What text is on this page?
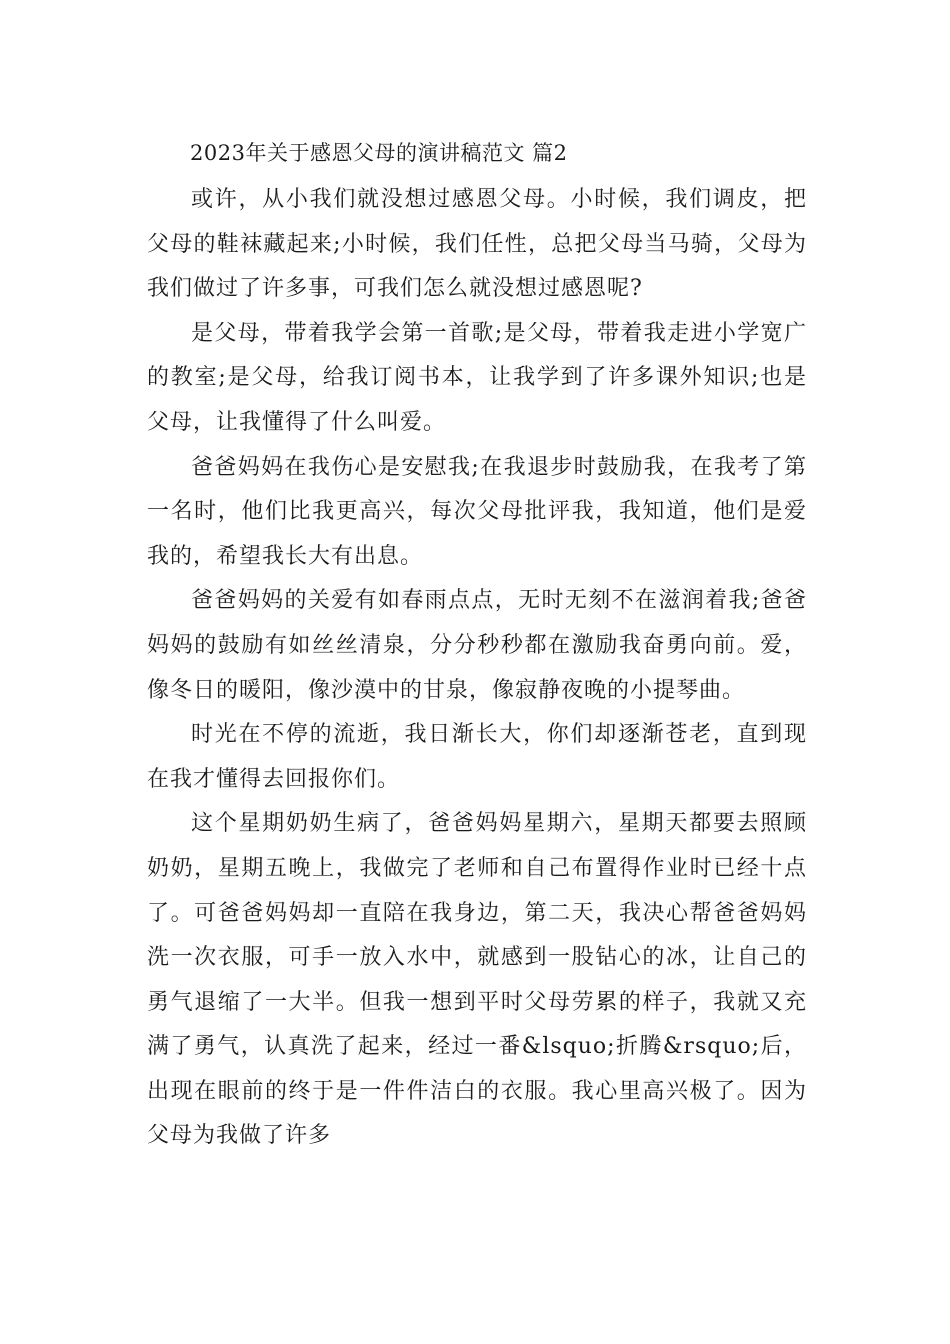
2023年关于感恩父母的演讲稿范文 篇2

或许，从小我们就没想过感恩父母。小时候，我们调皮，把父母的鞋袜藏起来;小时候，我们任性，总把父母当马骑，父母为我们做过了许多事，可我们怎么就没想过感恩呢?

是父母，带着我学会第一首歌;是父母，带着我走进小学宽广的教室;是父母，给我订阅书本，让我学到了许多课外知识;也是父母，让我懂得了什么叫爱。

爸爸妈妈在我伤心是安慰我;在我退步时鼓励我，在我考了第一名时，他们比我更高兴，每次父母批评我，我知道，他们是爱我的，希望我长大有出息。

爸爸妈妈的关爱有如春雨点点，无时无刻不在滋润着我;爸爸妈妈的鼓励有如丝丝清泉，分分秒秒都在激励我奋勇向前。爱，像冬日的暖阳，像沙漠中的甘泉，像寂静夜晚的小提琴曲。

时光在不停的流逝，我日渐长大，你们却逐渐苍老，直到现在我才懂得去回报你们。

这个星期奶奶生病了，爸爸妈妈星期六，星期天都要去照顾奶奶，星期五晚上，我做完了老师和自己布置得作业时已经十点了。可爸爸妈妈却一直陪在我身边，第二天，我决心帮爸爸妈妈洗一次衣服，可手一放入水中，就感到一股钻心的冰，让自己的勇气退缩了一大半。但我一想到平时父母劳累的样子，我就又充满了勇气，认真洗了起来，经过一番&lsquo;折腾&rsquo;后，出现在眼前的终于是一件件洁白的衣服。我心里高兴极了。因为父母为我做了许多
